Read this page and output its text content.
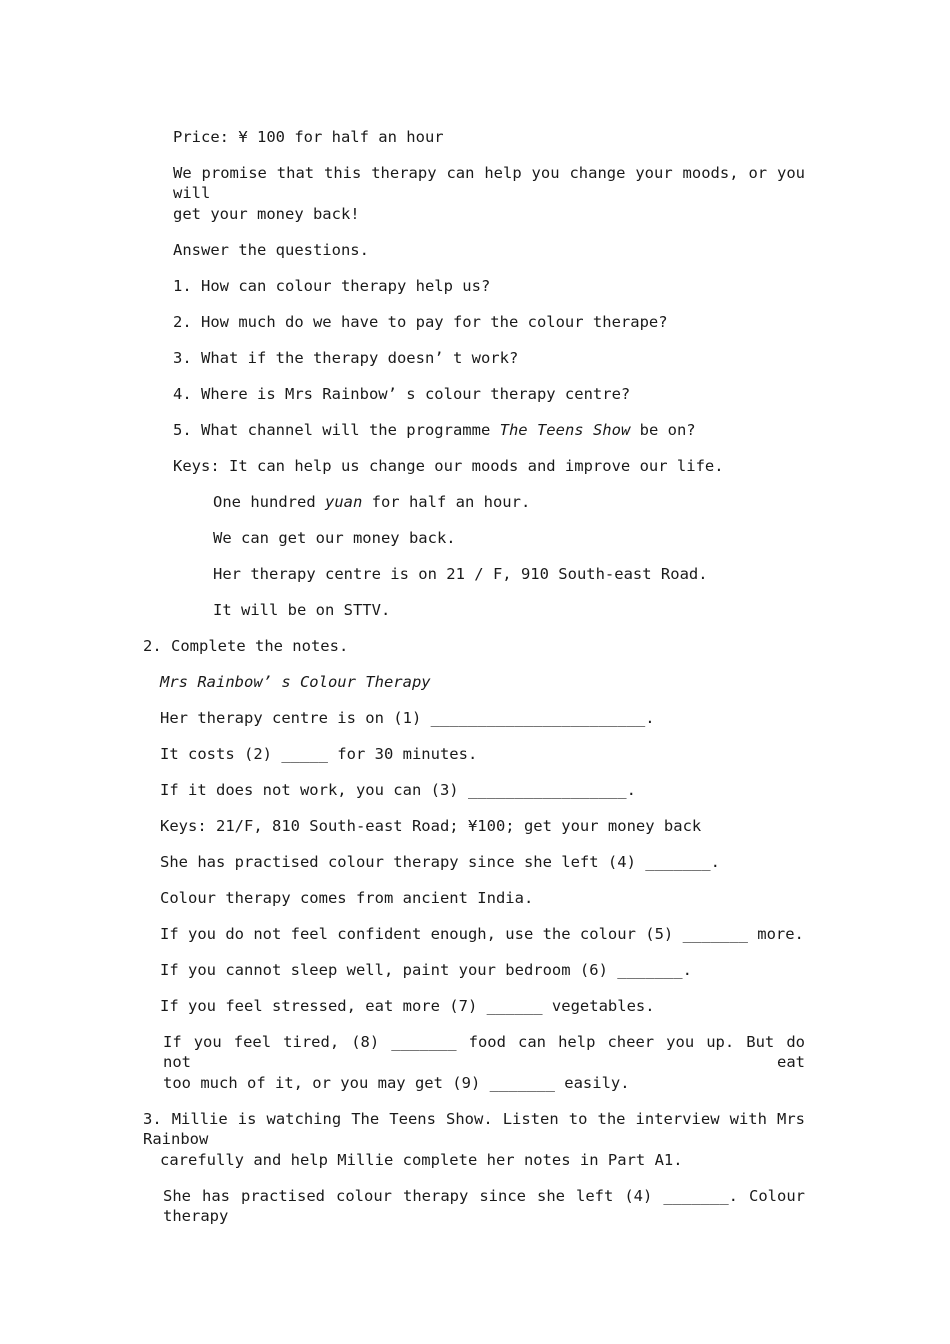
Price: ¥ 100 for half an hour
We promise that this therapy can help you change your moods, or you will
get your money back!
Answer the questions.
1. How can colour therapy help us?
2. How much do we have to pay for the colour therape?
3. What if the therapy doesn’ t work?
4. Where is Mrs Rainbow’ s colour therapy centre?
5. What channel will the programme The Teens Show be on?
Keys: It can help us change our moods and improve our life.
One hundred yuan for half an hour.
We can get our money back.
Her therapy centre is on 21 / F, 910 South-east Road.
It will be on STTV.
2. Complete the notes.
Mrs Rainbow’ s Colour Therapy
Her therapy centre is on (1) _______________________.
It costs (2) _____ for 30 minutes.
If it does not work, you can (3) _________________.
Keys: 21/F, 810 South-east Road; ¥100; get your money back
She has practised colour therapy since she left (4) _______.
Colour therapy comes from ancient India.
If you do not feel confident enough, use the colour (5) _______ more.
If you cannot sleep well, paint your bedroom (6) _______.
If you feel stressed, eat more (7) ______ vegetables.
If you feel tired, (8) _______ food can help cheer you up. But do not eat
too much of it, or you may get (9) _______ easily.
3. Millie is watching The Teens Show. Listen to the interview with Mrs Rainbow
carefully and help Millie complete her notes in Part A1.
She has practised colour therapy since she left (4) _______. Colour therapy
